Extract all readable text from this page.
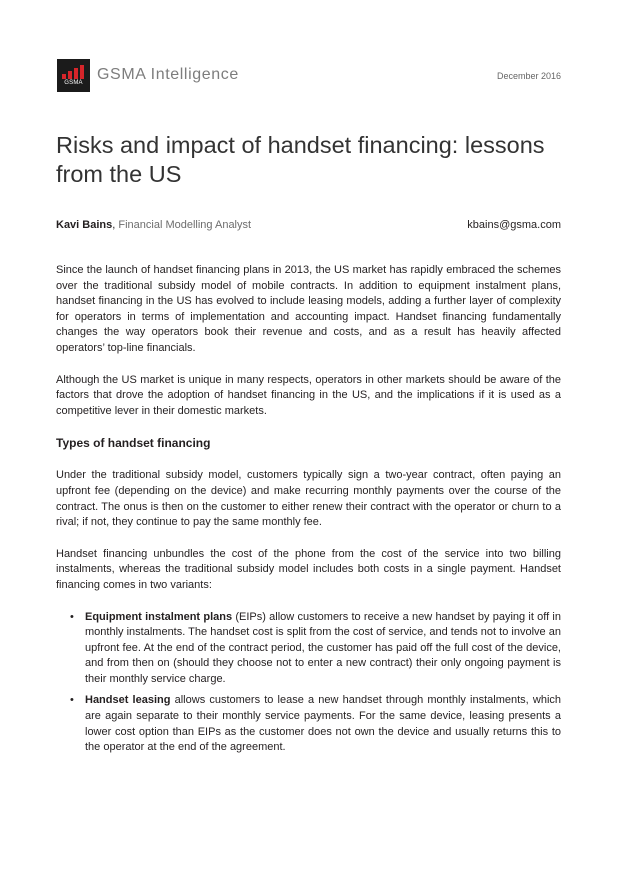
GSMA GSMA Intelligence	December 2016
Risks and impact of handset financing: lessons from the US
Kavi Bains, Financial Modelling Analyst	kbains@gsma.com

Since the launch of handset financing plans in 2013, the US market has rapidly embraced the schemes over the traditional subsidy model of mobile contracts. In addition to equipment instalment plans, handset financing in the US has evolved to include leasing models, adding a further layer of complexity for operators in terms of implementation and accounting impact. Handset financing fundamentally changes the way operators book their revenue and costs, and as a result has heavily affected operators’ top-line financials.

Although the US market is unique in many respects, operators in other markets should be aware of the factors that drove the adoption of handset financing in the US, and the implications if it is used as a competitive lever in their domestic markets.

Types of handset financing

Under the traditional subsidy model, customers typically sign a two-year contract, often paying an upfront fee (depending on the device) and make recurring monthly payments over the course of the contract. The onus is then on the customer to either renew their contract with the operator or churn to a rival; if not, they continue to pay the same monthly fee.

Handset financing unbundles the cost of the phone from the cost of the service into two billing instalments, whereas the traditional subsidy model includes both costs in a single payment. Handset financing comes in two variants:

• Equipment instalment plans (EIPs) allow customers to receive a new handset by paying it off in monthly instalments. The handset cost is split from the cost of service, and tends not to involve an upfront fee. At the end of the contract period, the customer has paid off the full cost of the device, and from then on (should they choose not to enter a new contract) their only ongoing payment is their monthly service charge.
• Handset leasing allows customers to lease a new handset through monthly instalments, which are again separate to their monthly service payments. For the same device, leasing presents a lower cost option than EIPs as the customer does not own the device and usually returns this to the operator at the end of the agreement.
